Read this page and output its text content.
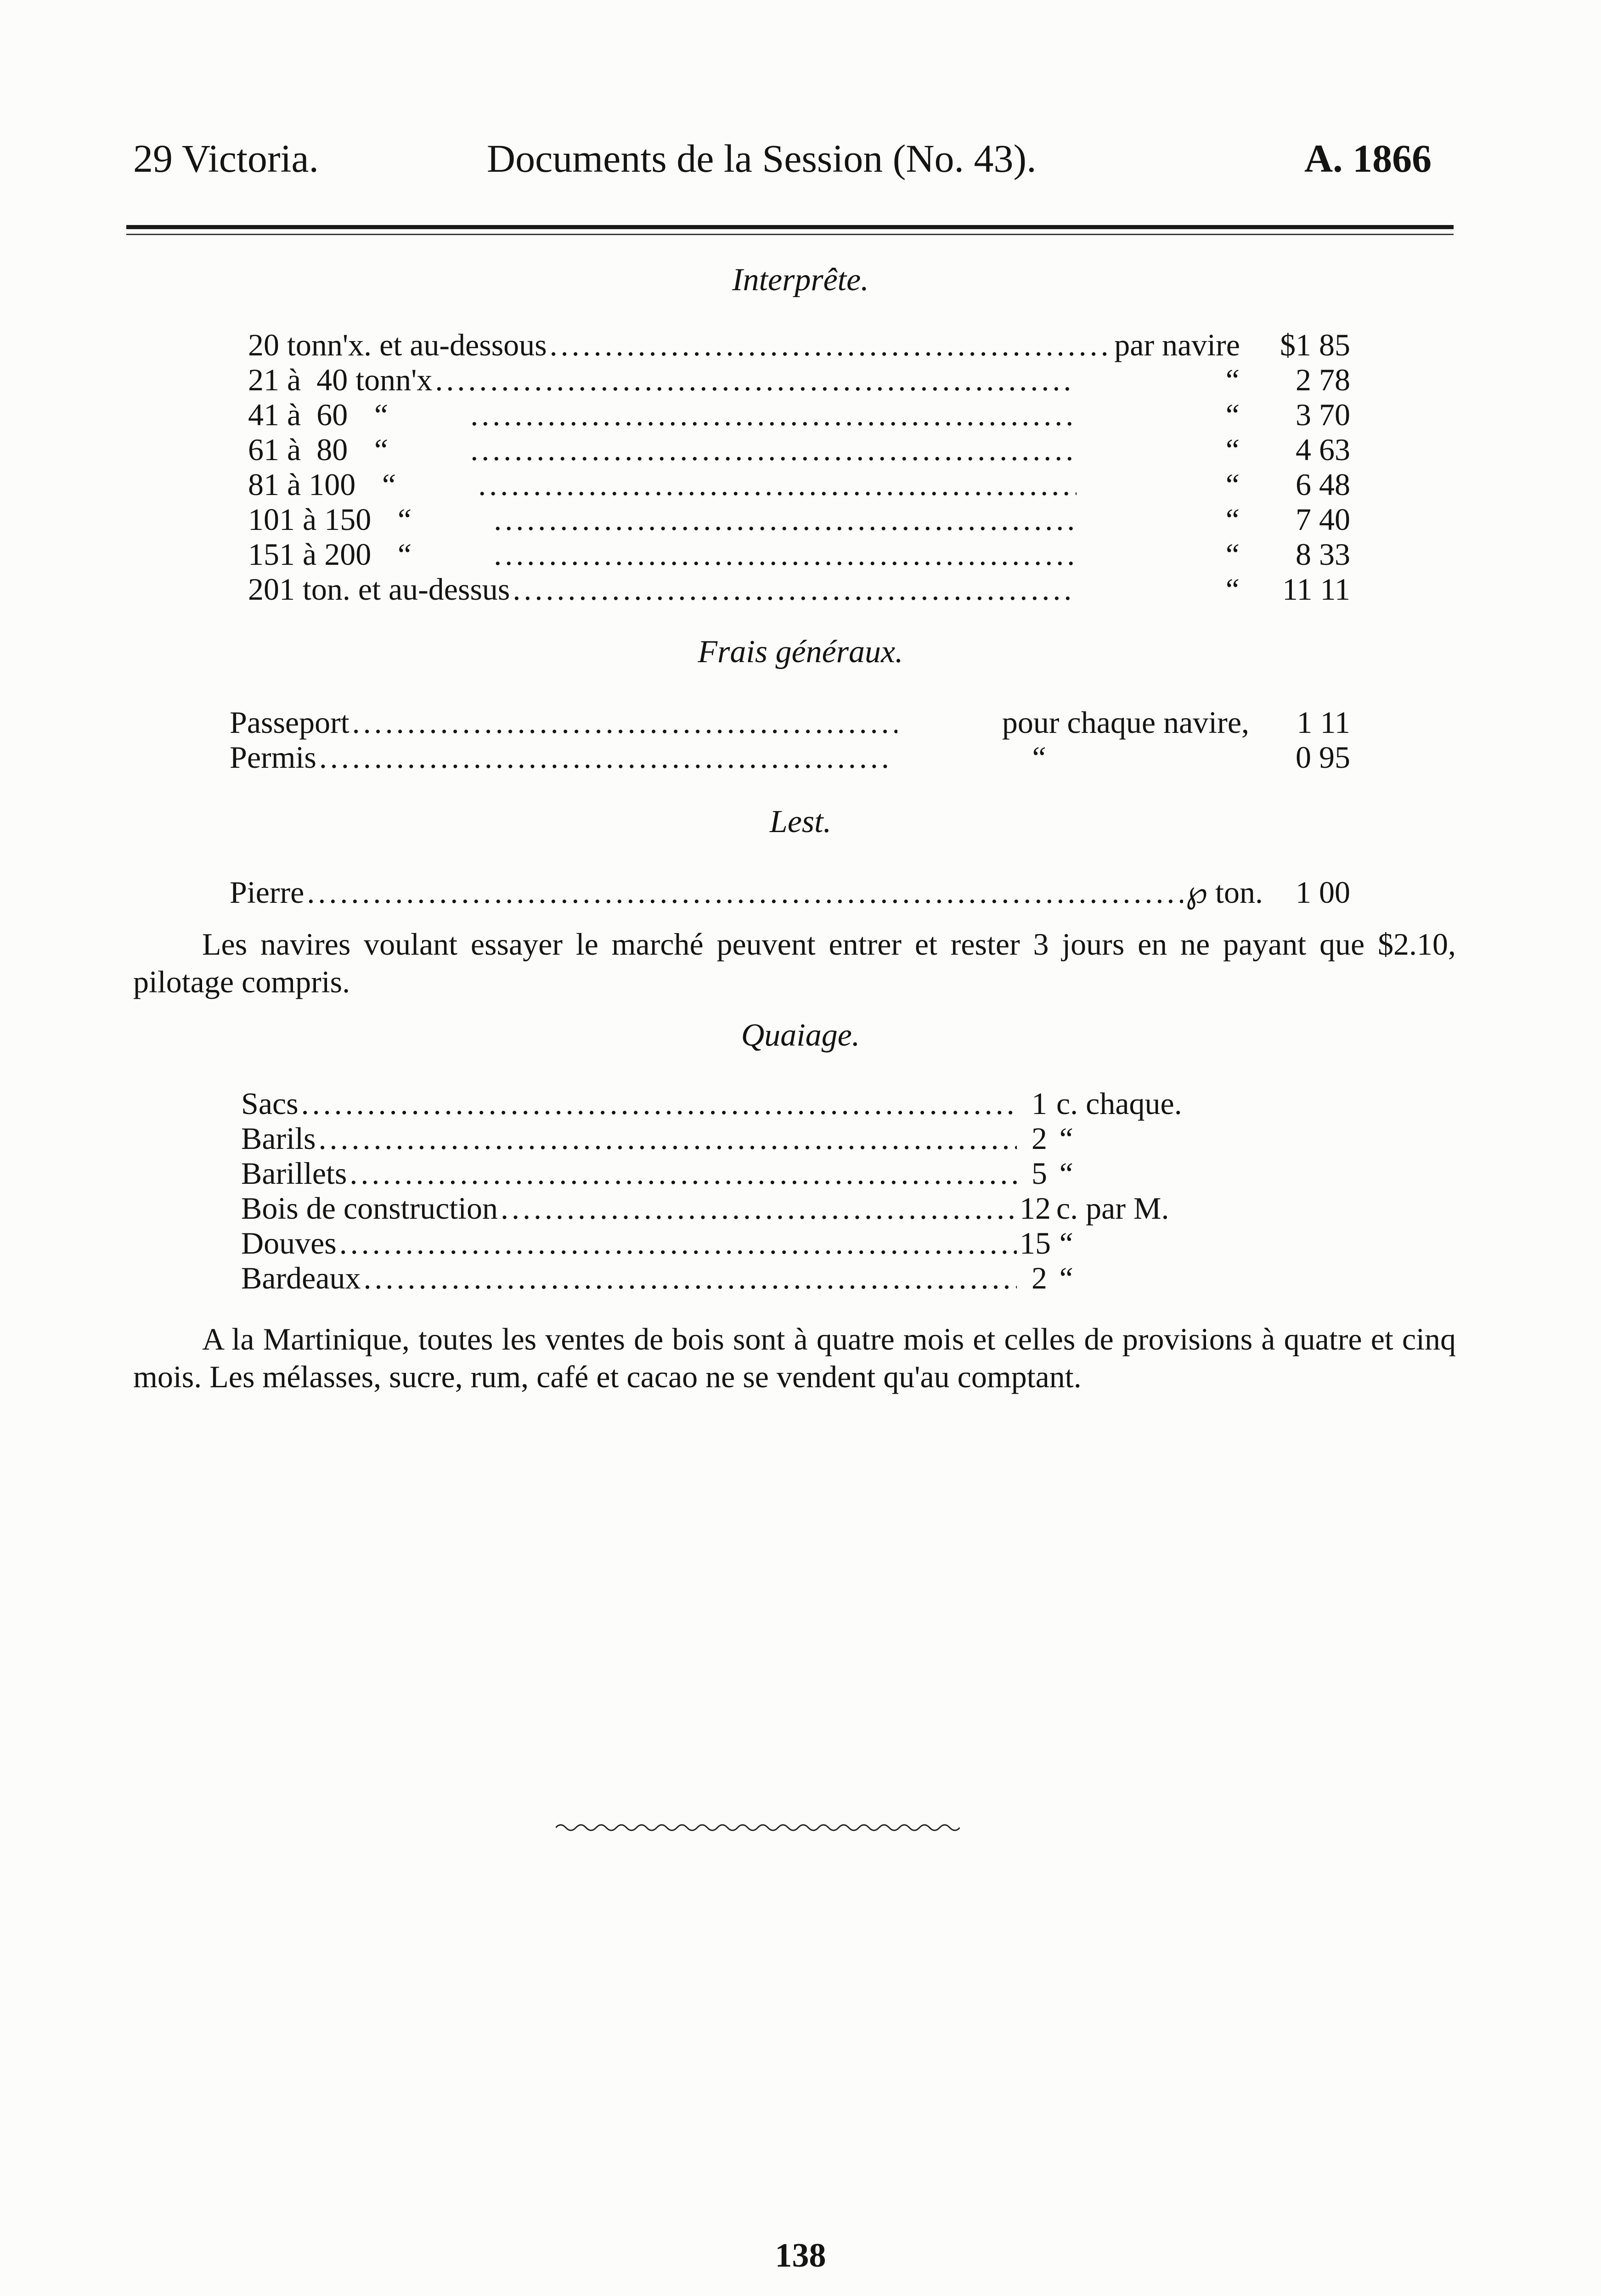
29 Victoria.	Documents de la Session (No. 43).	A. 1866
Interprête.
20 tonn'x. et au-dessous .....	par navire	$1 85
21 à 40 tonn'x .....	“	2 78
41 à 60 “ .....	“	3 70
61 à 80 “ .....	“	4 63
81 à 100 “ .....	“	6 48
101 à 150 “ .....	“	7 40
151 à 200 “ .....	“	8 33
201 ton. et au-dessus .....	“	11 11
Frais généraux.
Passeport .....	pour chaque navire,	1 11
Permis .....	“	0 95
Lest.
Pierre .....	℘ ton.	1 00
Les navires voulant essayer le marché peuvent entrer et rester 3 jours en ne payant que $2.10, pilotage compris.
Quaiage.
Sacs .....	1 c. chaque.
Barils .....	2 “
Barillets .....	5 “
Bois de construction .....	12 c. par M.
Douves .....	15 “
Bardeaux .....	2 “
A la Martinique, toutes les ventes de bois sont à quatre mois et celles de provisions à quatre et cinq mois. Les mélasses, sucre, rum, café et cacao ne se vendent qu'au comptant.
138
